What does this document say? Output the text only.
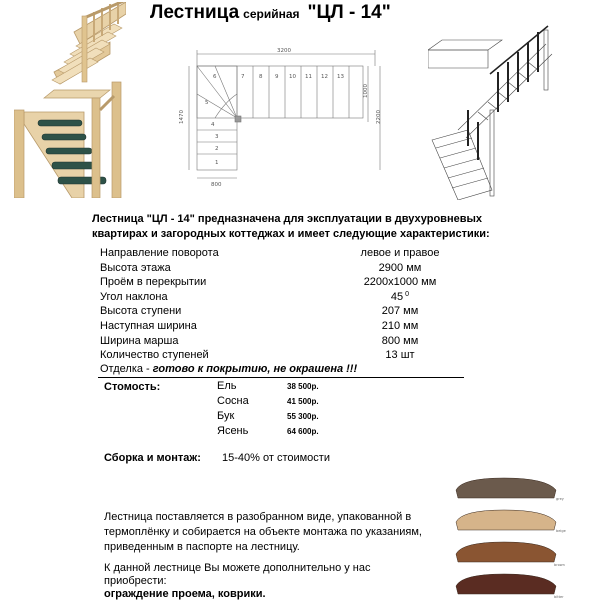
Лестница серийная "ЦЛ - 14"
3200
1470
1000
2200
800
1
2
3
4
5
6	7	8 9 10 11 12 13
Лестница "ЦЛ - 14" предназначена для эксплуатации в двухуровневых
квартирах и загородных коттеджах и имеет следующие характеристики:
Направление поворота	левое и правое
Высота этажа	2900 мм
Проём в перекрытии	2200x1000 мм
Угол наклона	45 $^0$
Высота ступени	207 мм
Наступная ширина	210 мм
Ширина марша	800 мм
Количество ступеней	13 шт
Отделка - готово к покрытию, не окрашена !!!
Стомость:	Ель	38 500р.
Сосна	41 500р.
Бук	55 300р.
Ясень	64 600р.
Сборка и монтаж: 15-40% от стоимости
Лестница поставляется в разобранном виде, упакованной в термоплёнку и собирается на объекте монтажа по указаниям, приведенным в паспорте на лестницу.
К данной лестнице Вы можете дополнительно у нас приобрести:
ограждение проема, коврики.
grey
beige
brown
bitter
